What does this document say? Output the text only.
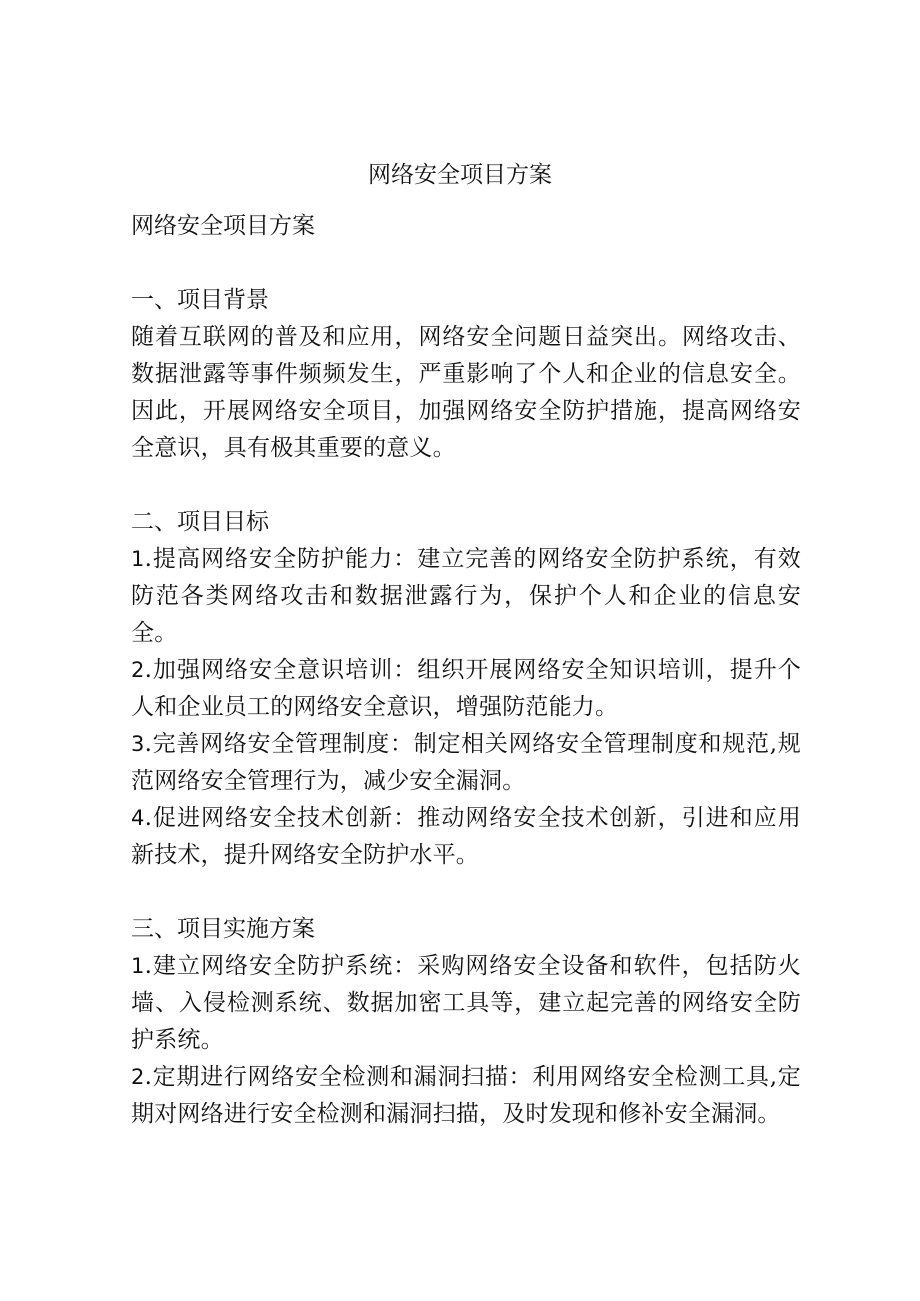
网络安全项目方案

网络安全项目方案

一、项目背景

随着互联网的普及和应用，网络安全问题日益突出。网络攻击、数据泄露等事件频频发生，严重影响了个人和企业的信息安全。因此，开展网络安全项目，加强网络安全防护措施，提高网络安全意识，具有极其重要的意义。

二、项目目标

1.提高网络安全防护能力：建立完善的网络安全防护系统，有效防范各类网络攻击和数据泄露行为，保护个人和企业的信息安全。

2.加强网络安全意识培训：组织开展网络安全知识培训，提升个人和企业员工的网络安全意识，增强防范能力。

3.完善网络安全管理制度：制定相关网络安全管理制度和规范,规范网络安全管理行为，减少安全漏洞。

4.促进网络安全技术创新：推动网络安全技术创新，引进和应用新技术，提升网络安全防护水平。

三、项目实施方案

1.建立网络安全防护系统：采购网络安全设备和软件，包括防火墙、入侵检测系统、数据加密工具等，建立起完善的网络安全防护系统。

2.定期进行网络安全检测和漏洞扫描：利用网络安全检测工具,定期对网络进行安全检测和漏洞扫描，及时发现和修补安全漏洞。
